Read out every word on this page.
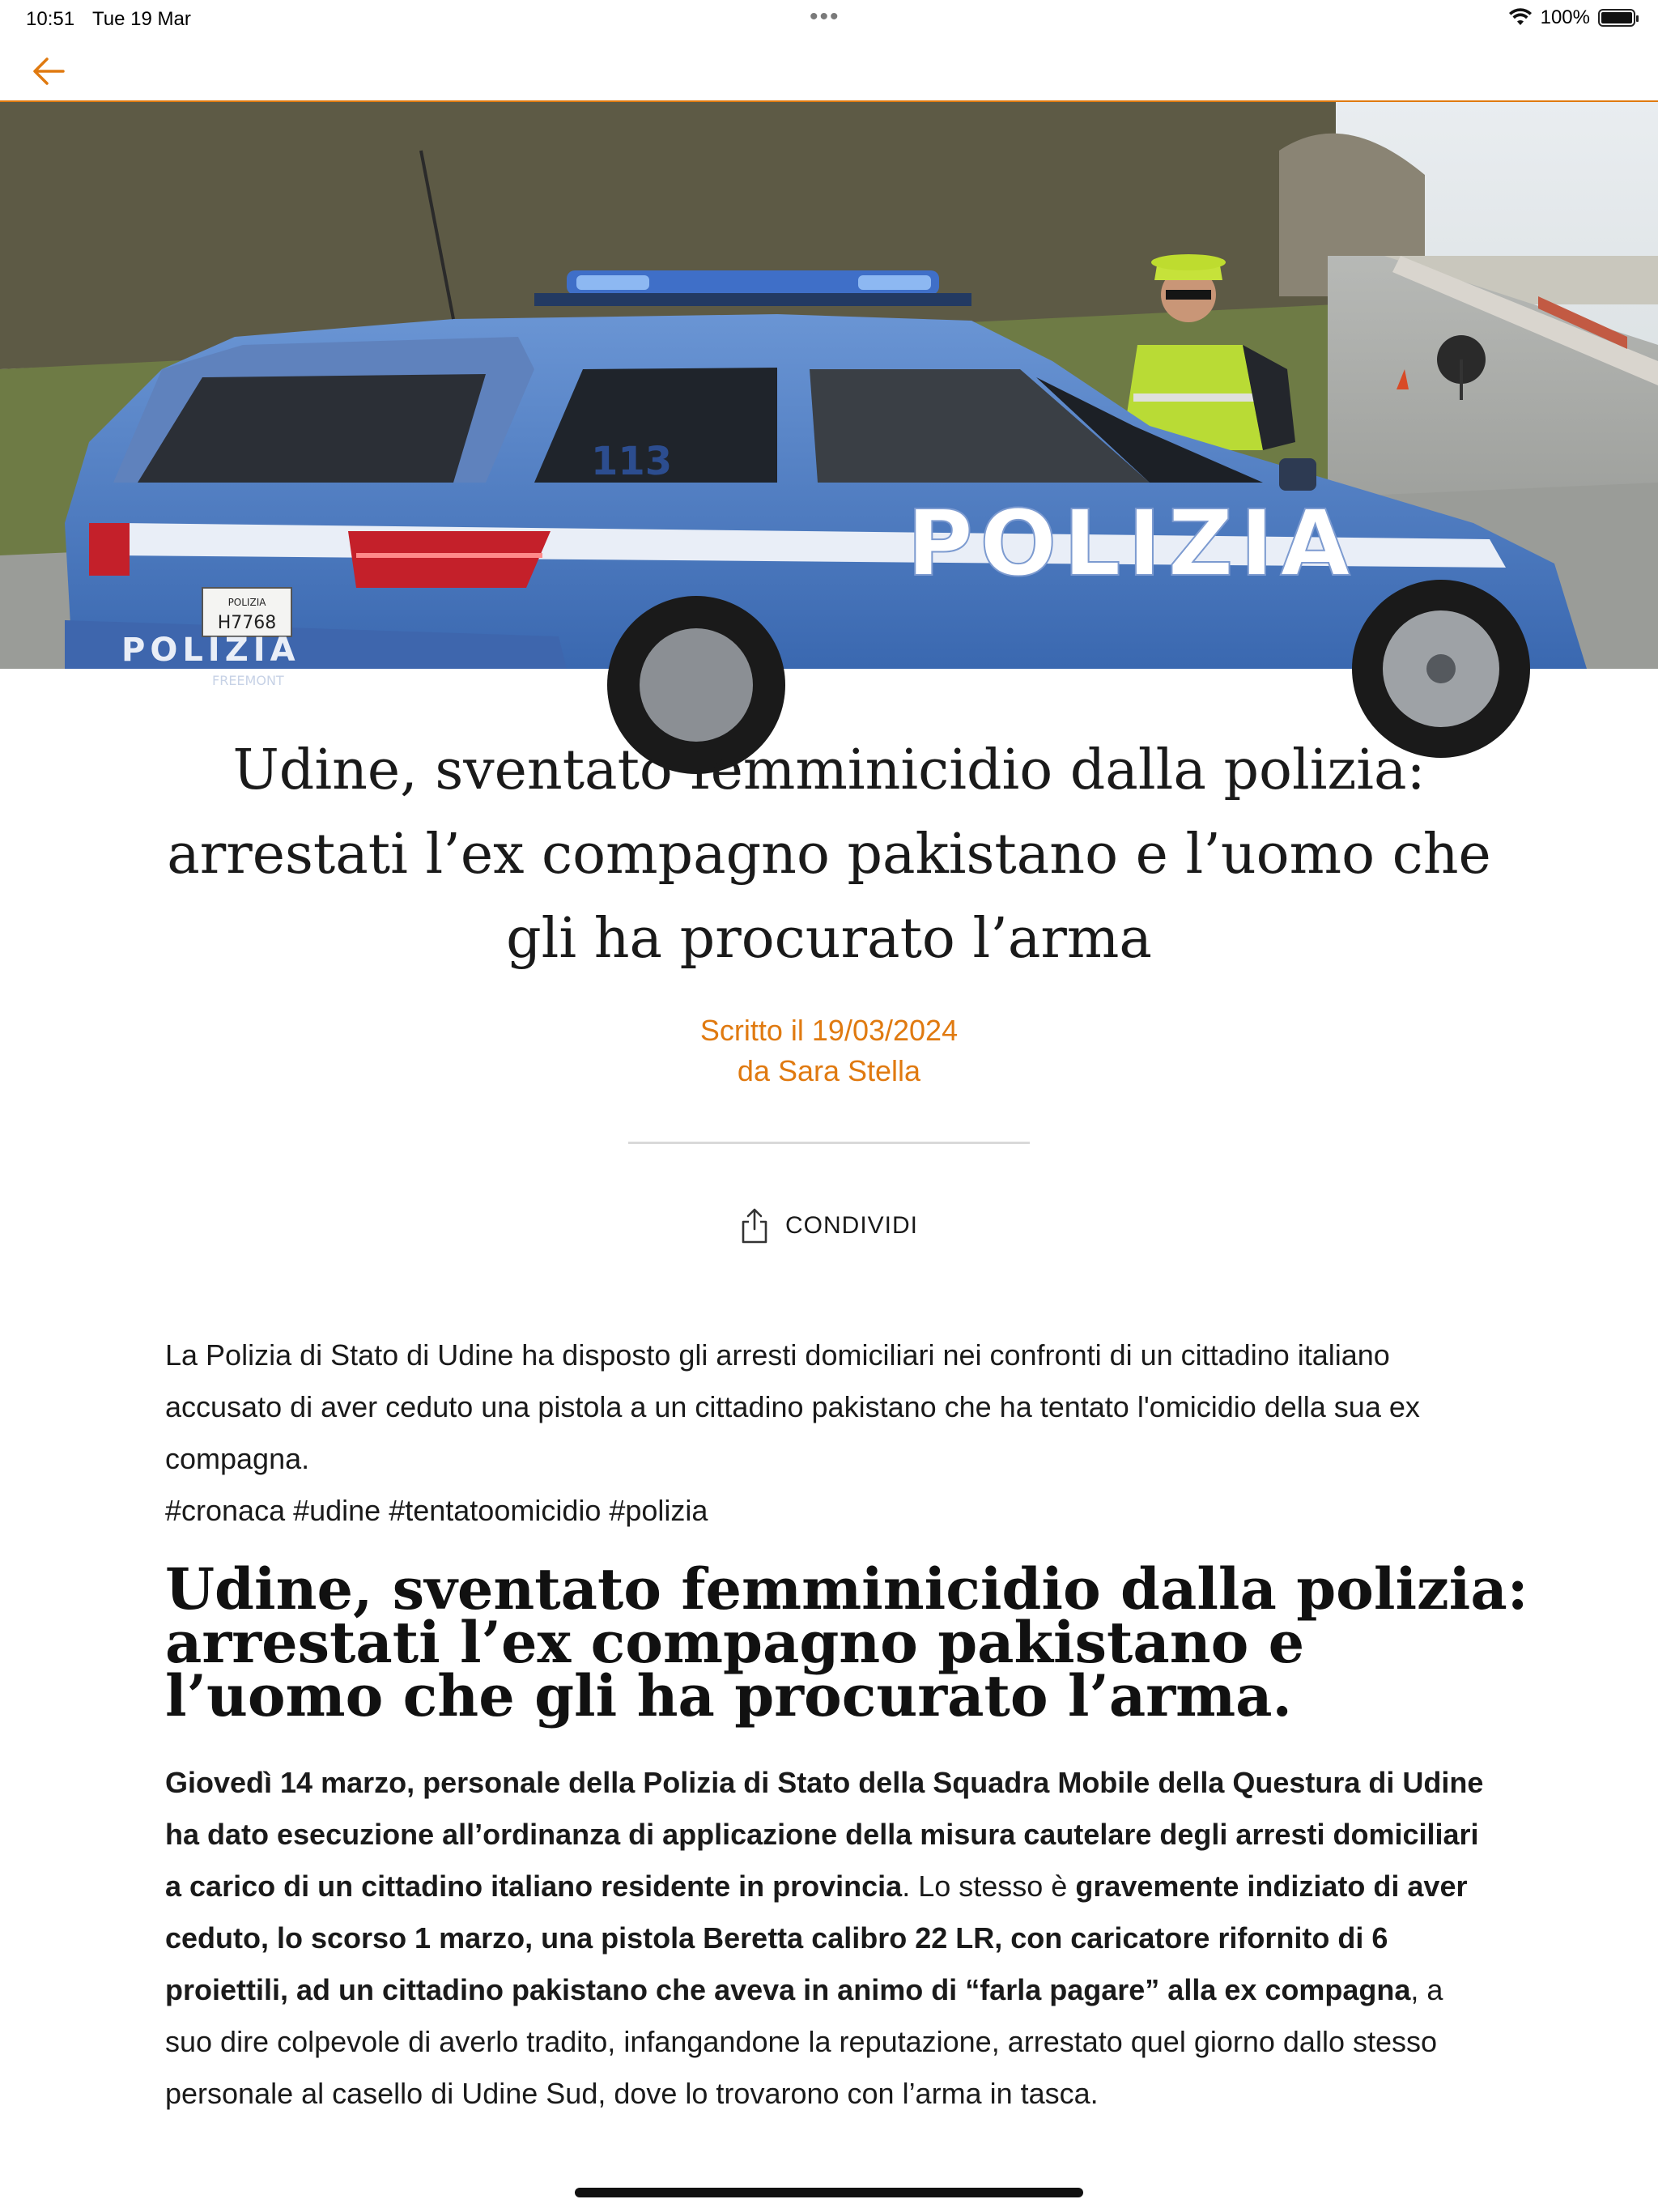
10:51 Tue 19 Mar	•••	100%
POLIZIA
H7768
FREEMONT
113
POLIZIA
POLIZIA
Udine, sventato femminicidio dalla polizia: arrestati l’ex compagno pakistano e l’uomo che gli ha procurato l’arma
Scritto il 19/03/2024
da Sara Stella
CONDIVIDI

La Polizia di Stato di Udine ha disposto gli arresti domiciliari nei confronti di un cittadino italiano accusato di aver ceduto una pistola a un cittadino pakistano che ha tentato l'omicidio della sua ex compagna.

#cronaca #udine #tentatoomicidio #polizia
Udine, sventato femminicidio dalla polizia: arrestati l’ex compagno pakistano e l’uomo che gli ha procurato l’arma.

Giovedì 14 marzo, personale della Polizia di Stato della Squadra Mobile della Questura di Udine ha dato esecuzione all’ordinanza di applicazione della misura cautelare degli arresti domiciliari a carico di un cittadino italiano residente in provincia. Lo stesso è gravemente indiziato di aver ceduto, lo scorso 1 marzo, una pistola Beretta calibro 22 LR, con caricatore rifornito di 6 proiettili, ad un cittadino pakistano che aveva in animo di “farla pagare” alla ex compagna, a suo dire colpevole di averlo tradito, infangandone la reputazione, arrestato quel giorno dallo stesso personale al casello di Udine Sud, dove lo trovarono con l’arma in tasca.
